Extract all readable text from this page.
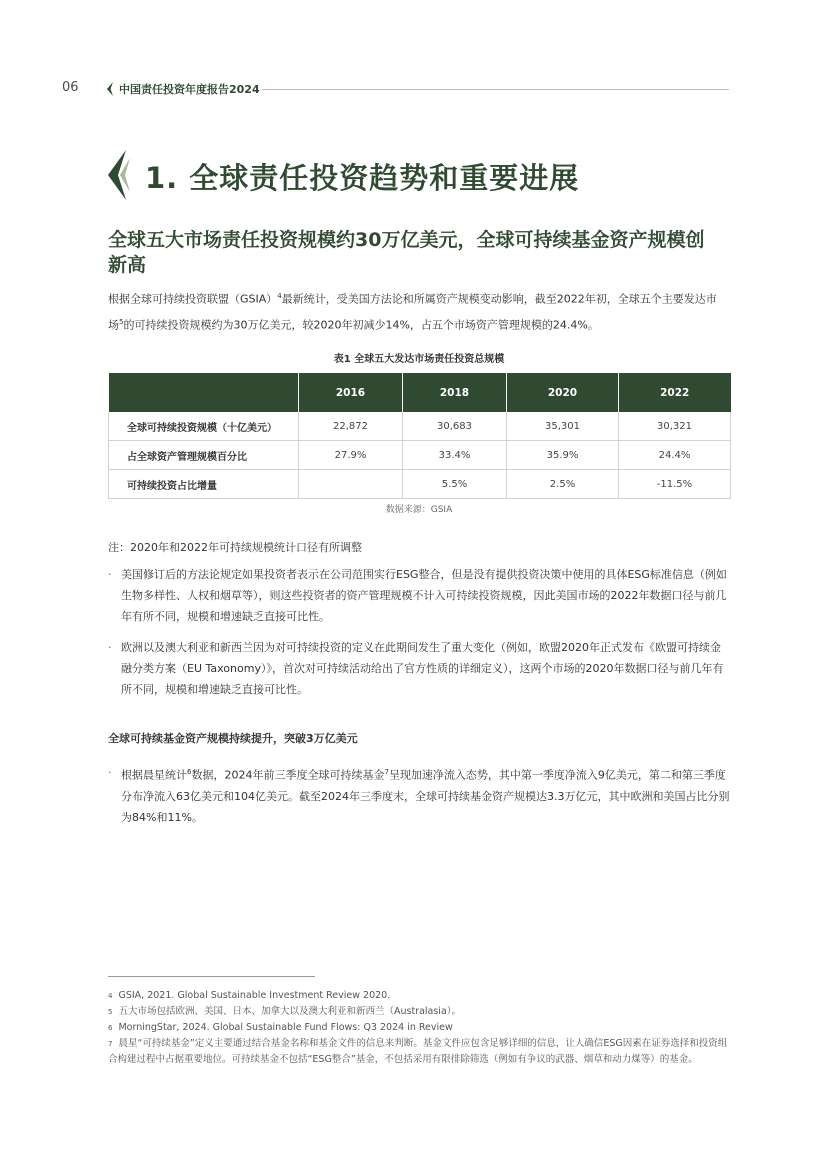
06	中国责任投资年度报告2024
1. 全球责任投资趋势和重要进展
全球五大市场责任投资规模约30万亿美元，全球可持续基金资产规模创新高
根据全球可持续投资联盟（GSIA）$^4$最新统计，受美国方法论和所属资产规模变动影响，截至2022年初，全球五个主要发达市
场$^5$的可持续投资规模约为30万亿美元，较2020年初减少14%，占五个市场资产管理规模的24.4%。
表1 全球五大发达市场责任投资总规模
	2016	2018	2020	2022
全球可持续投资规模（十亿美元）	22,872	30,683	35,301	30,321
占全球资产管理规模百分比	27.9%	33.4%	35.9%	24.4%
可持续投资占比增量		5.5%	2.5%	-11.5%
数据来源：GSIA
注：2020年和2022年可持续规模统计口径有所调整
· 美国修订后的方法论规定如果投资者表示在公司范围实行ESG整合，但是没有提供投资决策中使用的具体ESG标准信息（例如生物多样性、人权和烟草等），则这些投资者的资产管理规模不计入可持续投资规模，因此美国市场的2022年数据口径与前几年有所不同，规模和增速缺乏直接可比性。
· 欧洲以及澳大利亚和新西兰因为对可持续投资的定义在此期间发生了重大变化（例如，欧盟2020年正式发布《欧盟可持续金融分类方案（EU Taxonomy）》，首次对可持续活动给出了官方性质的详细定义），这两个市场的2020年数据口径与前几年有所不同，规模和增速缺乏直接可比性。
全球可持续基金资产规模持续提升，突破3万亿美元
· 根据晨星统计$^6$数据，2024年前三季度全球可持续基金$^7$呈现加速净流入态势，其中第一季度净流入9亿美元，第二和第三季度分布净流入63亿美元和104亿美元。截至2024年三季度末，全球可持续基金资产规模达3.3万亿元，其中欧洲和美国占比分别为84%和11%。
$^4$ GSIA, 2021. Global Sustainable Investment Review 2020.
$^5$ 五大市场包括欧洲、美国、日本、加拿大以及澳大利亚和新西兰（Australasia）。
$^6$ MorningStar, 2024. Global Sustainable Fund Flows: Q3 2024 in Review
$^7$ 晨星“可持续基金”定义主要通过结合基金名称和基金文件的信息来判断。基金文件应包含足够详细的信息，让人确信ESG因素在证券选择和投资组合构建过程中占据重要地位。可持续基金不包括“ESG整合”基金，不包括采用有限排除筛选（例如有争议的武器、烟草和动力煤等）的基金。
